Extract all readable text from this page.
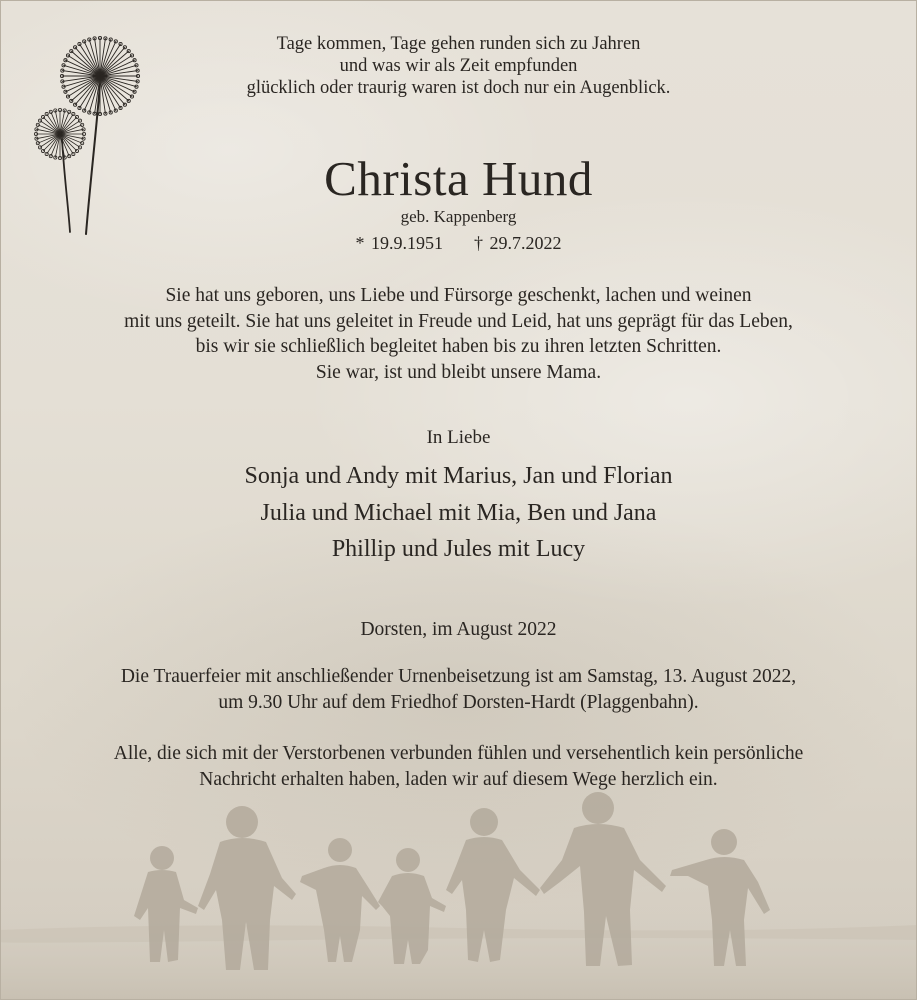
Tage kommen, Tage gehen runden sich zu Jahren
und was wir als Zeit empfunden
glücklich oder traurig waren ist doch nur ein Augenblick.
Christa Hund
geb. Kappenberg
* 19.9.1951 † 29.7.2022
Sie hat uns geboren, uns Liebe und Fürsorge geschenkt, lachen und weinen
mit uns geteilt. Sie hat uns geleitet in Freude und Leid, hat uns geprägt für das Leben,
bis wir sie schließlich begleitet haben bis zu ihren letzten Schritten.
Sie war, ist und bleibt unsere Mama.
In Liebe
Sonja und Andy mit Marius, Jan und Florian
Julia und Michael mit Mia, Ben und Jana
Phillip und Jules mit Lucy
Dorsten, im August 2022
Die Trauerfeier mit anschließender Urnenbeisetzung ist am Samstag, 13. August 2022,
um 9.30 Uhr auf dem Friedhof Dorsten-Hardt (Plaggenbahn).
Alle, die sich mit der Verstorbenen verbunden fühlen und versehentlich kein persönliche
Nachricht erhalten haben, laden wir auf diesem Wege herzlich ein.
